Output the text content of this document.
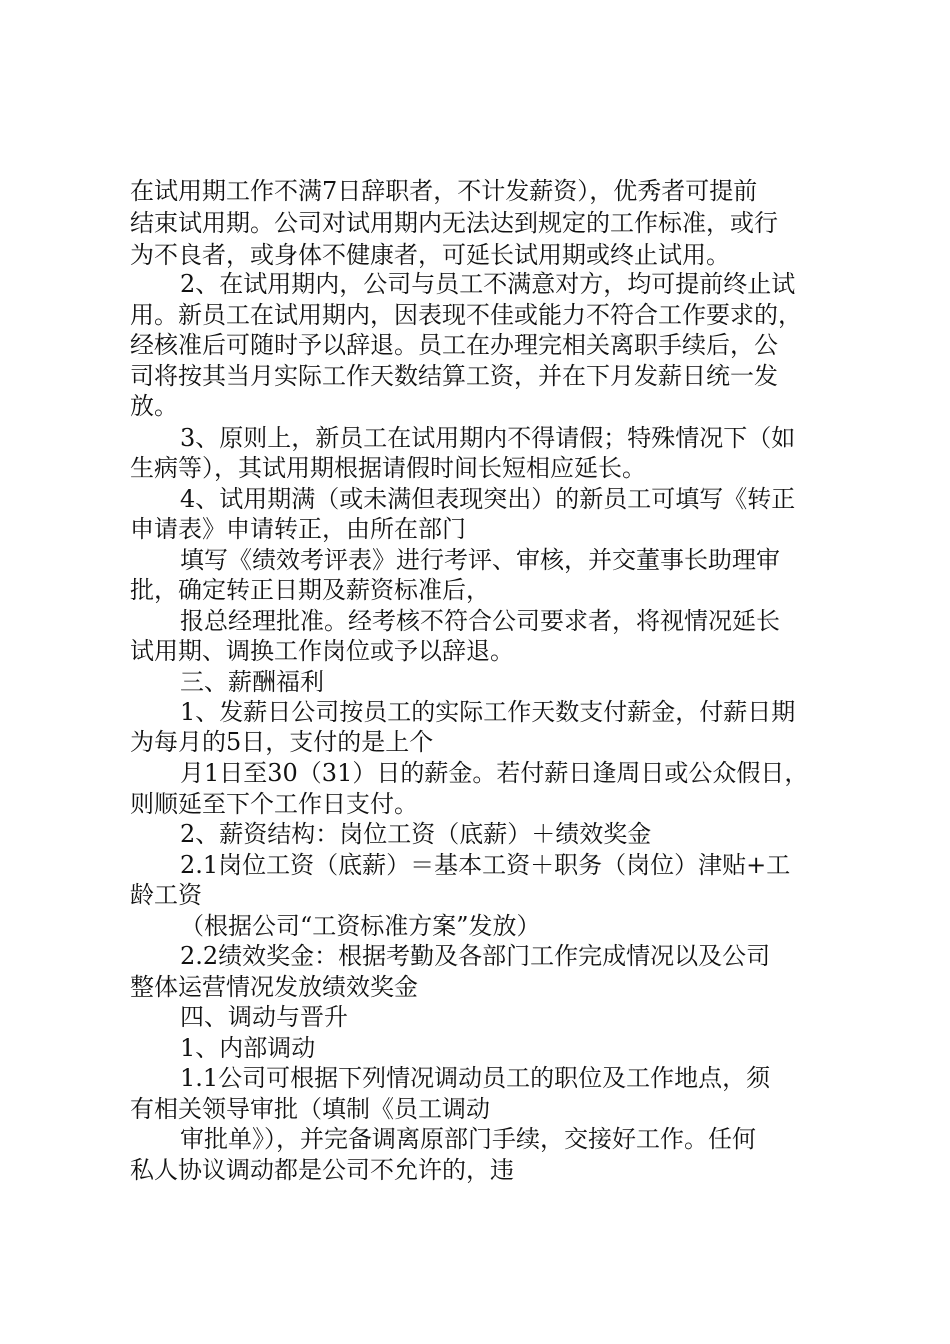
在试用期工作不满7日辞职者，不计发薪资），优秀者可提前
结束试用期。公司对试用期内无法达到规定的工作标准，或行
为不良者，或身体不健康者，可延长试用期或终止试用。
2、在试用期内，公司与员工不满意对方，均可提前终止试
用。新员工在试用期内，因表现不佳或能力不符合工作要求的，
经核准后可随时予以辞退。员工在办理完相关离职手续后，公
司将按其当月实际工作天数结算工资，并在下月发薪日统一发
放。
3、原则上，新员工在试用期内不得请假；特殊情况下（如
生病等），其试用期根据请假时间长短相应延长。
4、试用期满（或未满但表现突出）的新员工可填写《转正
申请表》申请转正，由所在部门
填写《绩效考评表》进行考评、审核，并交董事长助理审
批，确定转正日期及薪资标准后，
报总经理批准。经考核不符合公司要求者，将视情况延长
试用期、调换工作岗位或予以辞退。
三、薪酬福利
1、发薪日公司按员工的实际工作天数支付薪金，付薪日期
为每月的5日，支付的是上个
月1日至30（31）日的薪金。若付薪日逢周日或公众假日，
则顺延至下个工作日支付。
2、薪资结构：岗位工资（底薪）＋绩效奖金
2.1岗位工资（底薪）＝基本工资＋职务（岗位）津贴+工
龄工资
（根据公司“工资标准方案”发放）
2.2绩效奖金：根据考勤及各部门工作完成情况以及公司
整体运营情况发放绩效奖金
四、调动与晋升
1、内部调动
1.1公司可根据下列情况调动员工的职位及工作地点，须
有相关领导审批（填制《员工调动
审批单》），并完备调离原部门手续，交接好工作。任何
私人协议调动都是公司不允许的，违
